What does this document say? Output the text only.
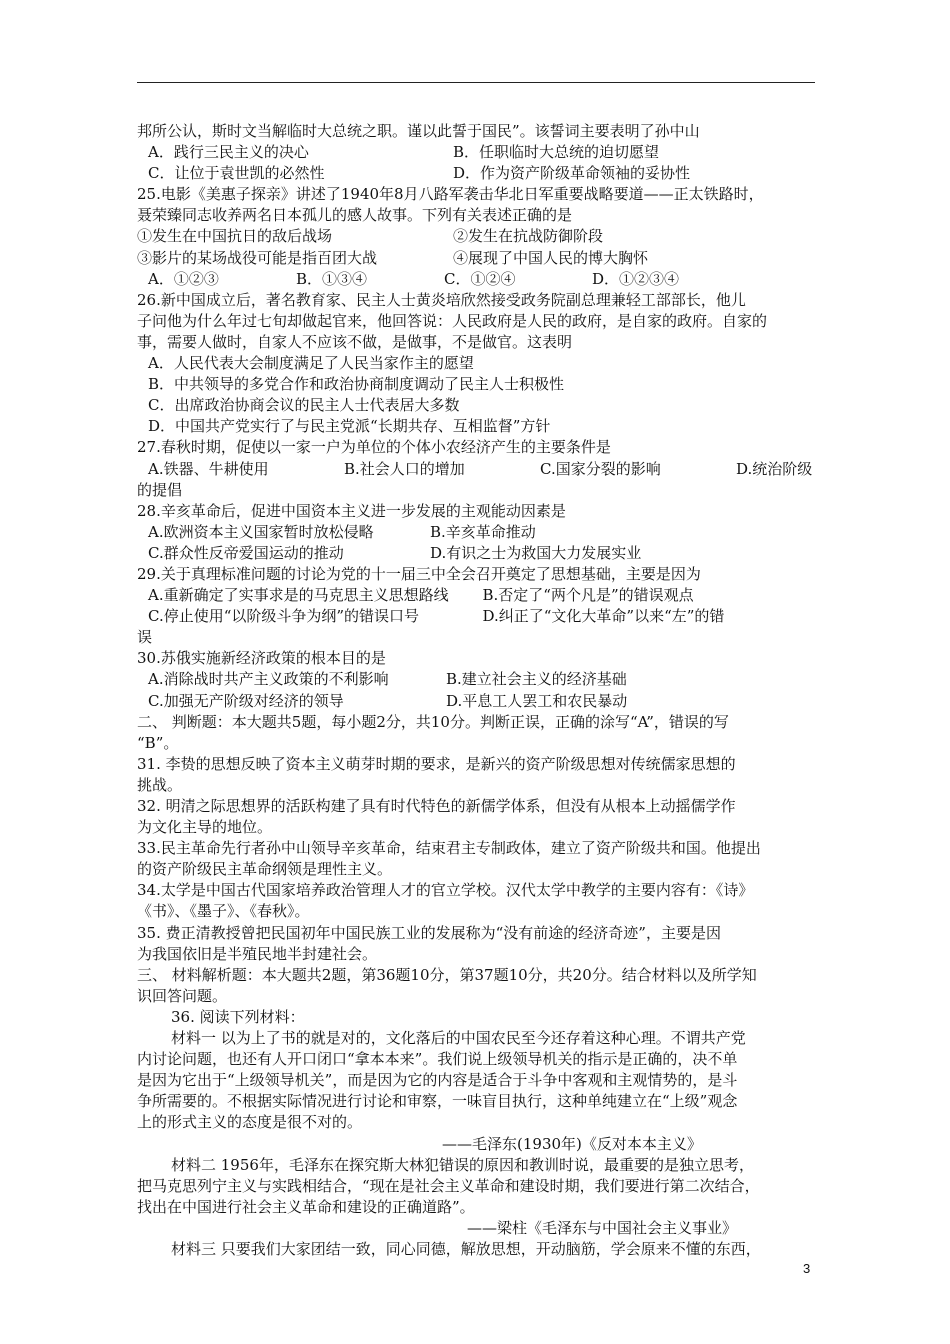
邦所公认，斯时文当解临时大总统之职。谨以此誓于国民”。该誓词主要表明了孙中山
A．践行三民主义的决心	B．任职临时大总统的迫切愿望
C．让位于袁世凯的必然性	D．作为资产阶级革命领袖的妥协性
25.电影《美惠子探亲》讲述了1940年8月八路军袭击华北日军重要战略要道——正太铁路时，
聂荣臻同志收养两名日本孤儿的感人故事。下列有关表述正确的是
①发生在中国抗日的敌后战场	②发生在抗战防御阶段
③影片的某场战役可能是指百团大战	④展现了中国人民的博大胸怀
A．①②③	B．①③④	C．①②④	D．①②③④
26.新中国成立后，著名教育家、民主人士黄炎培欣然接受政务院副总理兼轻工部部长，他儿
子问他为什么年过七旬却做起官来，他回答说：人民政府是人民的政府，是自家的政府。自家的
事，需要人做时，自家人不应该不做，是做事，不是做官。这表明
A．人民代表大会制度满足了人民当家作主的愿望
B．中共领导的多党合作和政治协商制度调动了民主人士积极性
C．出席政治协商会议的民主人士代表居大多数
D．中国共产党实行了与民主党派“长期共存、互相监督”方针
27.春秋时期，促使以一家一户为单位的个体小农经济产生的主要条件是
A.铁器、牛耕使用	B.社会人口的增加	C.国家分裂的影响	D.统治阶级
的提倡
28.辛亥革命后，促进中国资本主义进一步发展的主观能动因素是
A.欧洲资本主义国家暂时放松侵略	B.辛亥革命推动
C.群众性反帝爱国运动的推动	D.有识之士为救国大力发展实业
29.关于真理标准问题的讨论为党的十一届三中全会召开奠定了思想基础，主要是因为
A.重新确定了实事求是的马克思主义思想路线	B.否定了“两个凡是”的错误观点
C.停止使用“以阶级斗争为纲”的错误口号	D.纠正了“文化大革命”以来“左”的错
误
30.苏俄实施新经济政策的根本目的是
A.消除战时共产主义政策的不利影响	B.建立社会主义的经济基础
C.加强无产阶级对经济的领导	D.平息工人罢工和农民暴动
二、 判断题：本大题共5题，每小题2分，共10分。判断正误，正确的涂写“A”，错误的写
“B”。
31. 李贽的思想反映了资本主义萌芽时期的要求，是新兴的资产阶级思想对传统儒家思想的
挑战。
32. 明清之际思想界的活跃构建了具有时代特色的新儒学体系，但没有从根本上动摇儒学作
为文化主导的地位。
33.民主革命先行者孙中山领导辛亥革命，结束君主专制政体，建立了资产阶级共和国。他提出
的资产阶级民主革命纲领是理性主义。
34.太学是中国古代国家培养政治管理人才的官立学校。汉代太学中教学的主要内容有：《诗》
《书》、《墨子》、《春秋》。
35. 费正清教授曾把民国初年中国民族工业的发展称为“没有前途的经济奇迹”，主要是因
为我国依旧是半殖民地半封建社会。
三、 材料解析题：本大题共2题，第36题10分，第37题10分，共20分。结合材料以及所学知
识回答问题。
36. 阅读下列材料：
材料一 以为上了书的就是对的，文化落后的中国农民至今还存着这种心理。不谓共产党
内讨论问题，也还有人开口闭口“拿本本来”。我们说上级领导机关的指示是正确的，决不单
是因为它出于“上级领导机关”，而是因为它的内容是适合于斗争中客观和主观情势的，是斗
争所需要的。不根据实际情况进行讨论和审察，一味盲目执行，这种单纯建立在“上级”观念
上的形式主义的态度是很不对的。
——毛泽东(1930年)《反对本本主义》
材料二 1956年，毛泽东在探究斯大林犯错误的原因和教训时说，最重要的是独立思考，
把马克思列宁主义与实践相结合，“现在是社会主义革命和建设时期，我们要进行第二次结合，
找出在中国进行社会主义革命和建设的正确道路”。
——梁柱《毛泽东与中国社会主义事业》
材料三 只要我们大家团结一致，同心同德，解放思想，开动脑筋，学会原来不懂的东西，
3
